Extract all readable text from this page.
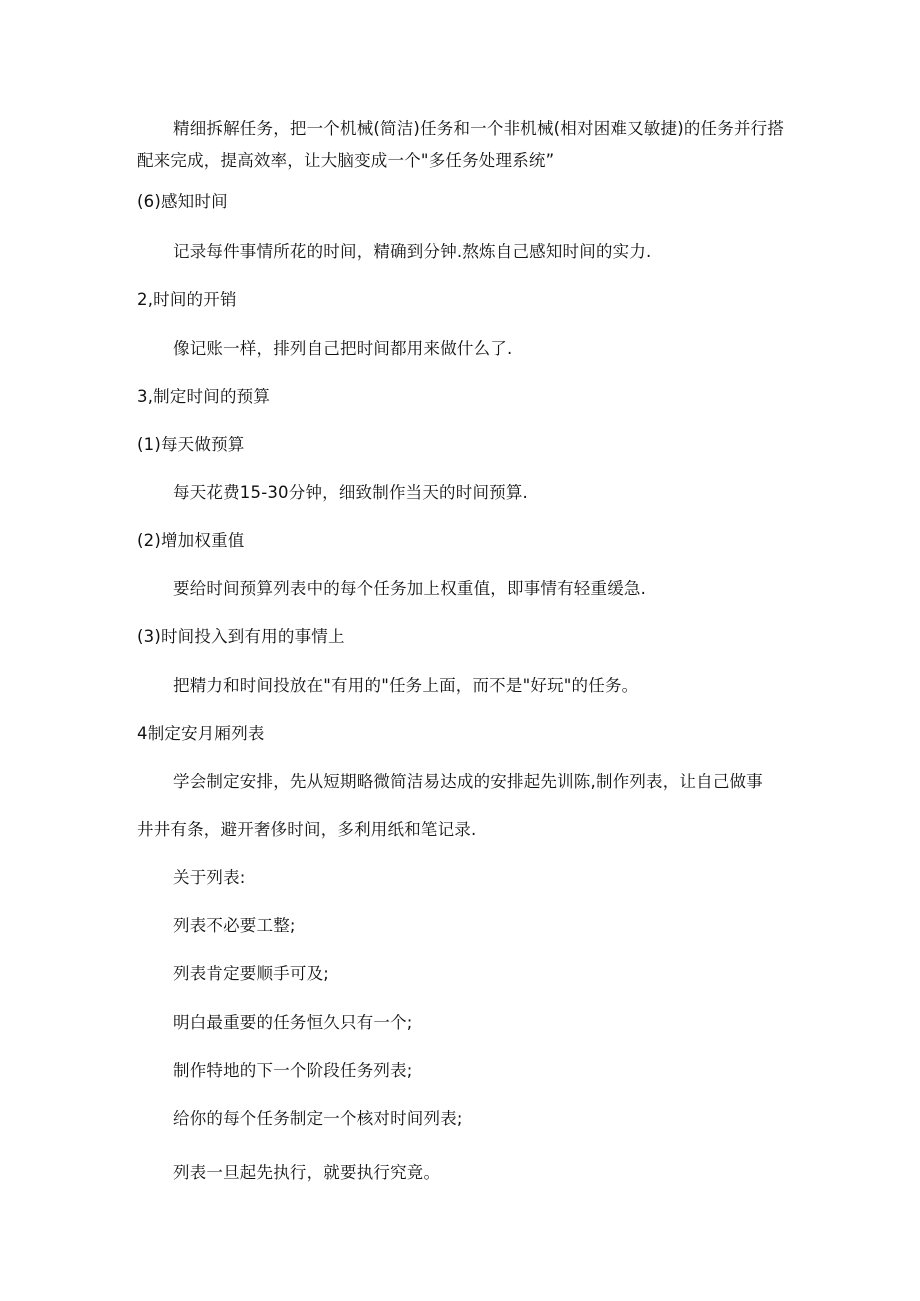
精细拆解任务，把一个机械(简洁)任务和一个非机械(相对困难又敏捷)的任务并行搭
配来完成，提高效率，让大脑变成一个"多任务处理系统”
(6)感知时间
记录每件事情所花的时间，精确到分钟.熬炼自己感知时间的实力.
2,时间的开销
像记账一样，排列自己把时间都用来做什么了.
3,制定时间的预算
(1)每天做预算
每天花费15-30分钟，细致制作当天的时间预算.
(2)增加权重值
要给时间预算列表中的每个任务加上权重值，即事情有轻重缓急.
(3)时间投入到有用的事情上
把精力和时间投放在"有用的"任务上面，而不是"好玩"的任务。
4制定安月厢列表
学会制定安排，先从短期略微简洁易达成的安排起先训陈,制作列表，让自己做事
井井有条，避开奢侈时间，多利用纸和笔记录.
关于列表:
列表不必要工整;
列表肯定要顺手可及;
明白最重要的任务恒久只有一个;
制作特地的下一个阶段任务列表;
给你的每个任务制定一个核对时间列表;
列表一旦起先执行，就要执行究竟。
